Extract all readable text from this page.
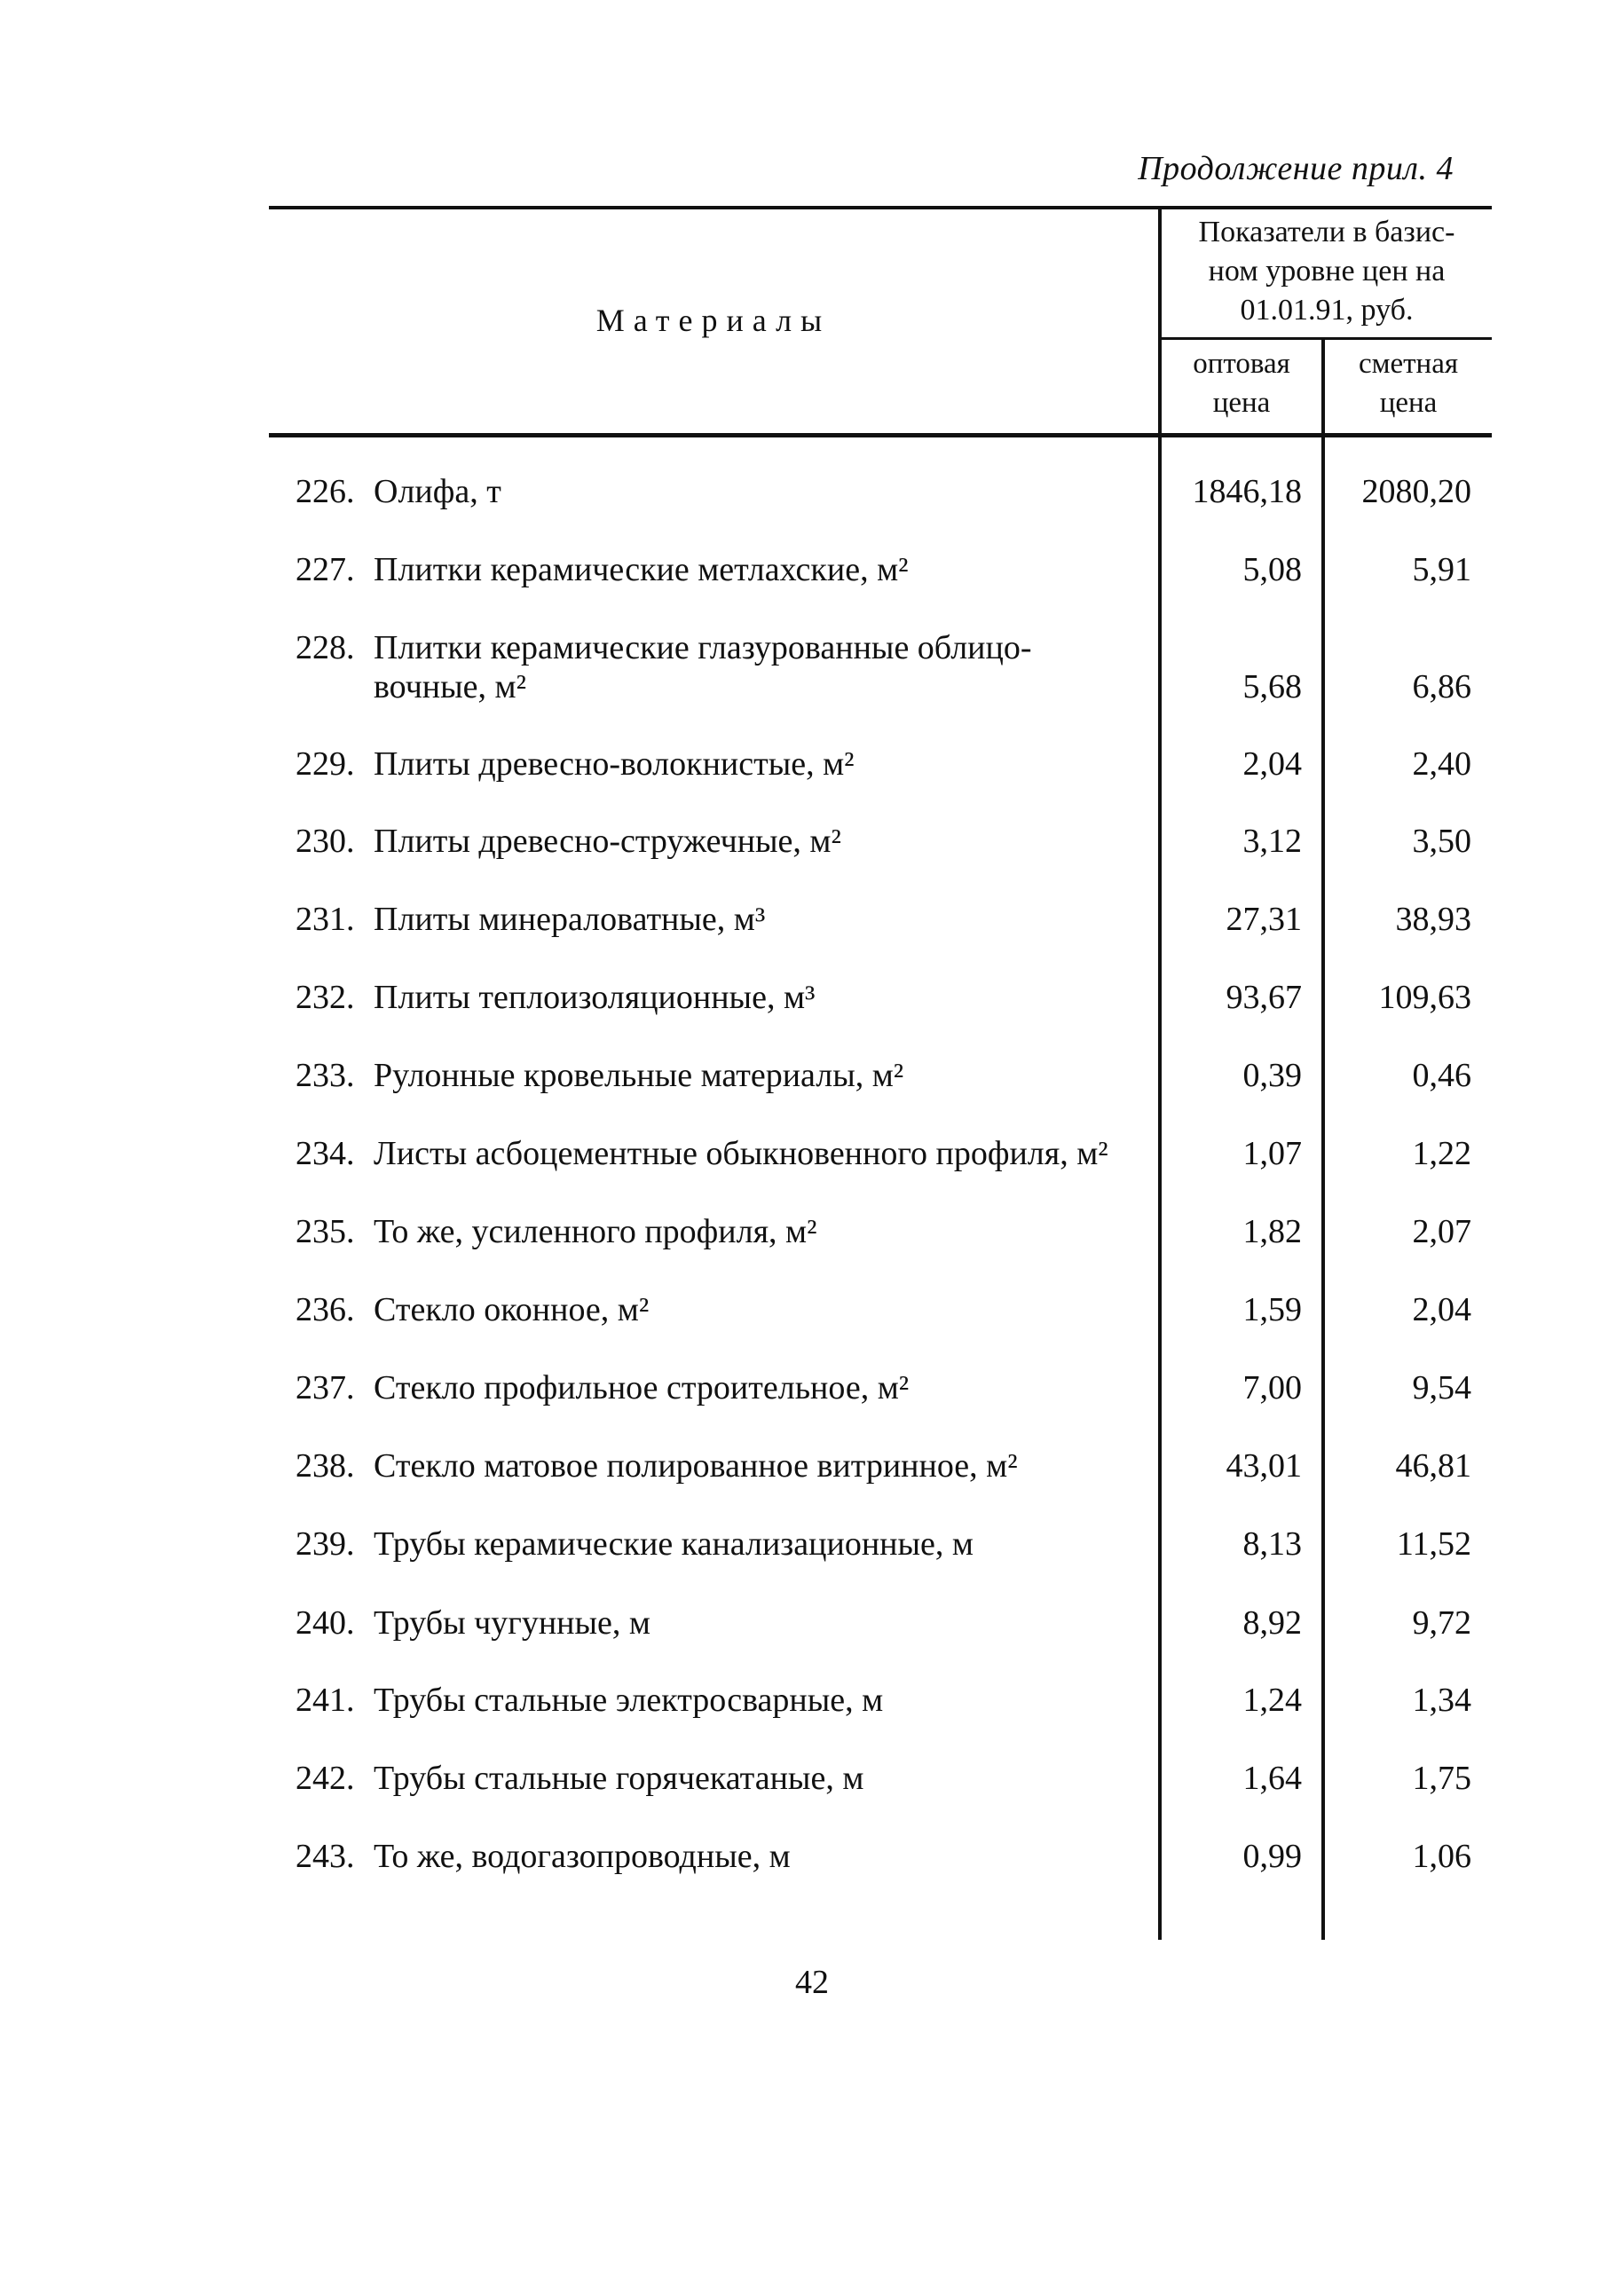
Продолжение прил. 4
Материалы
Показатели в базис-
ном уровне цен на
01.01.91, руб.
оптовая
цена
сметная
цена
226. Олифа, т	1846,18	2080,20
227. Плитки керамические метлахские, м²	5,08	5,91
228. Плитки керамические глазурованные облицо-
вочные, м²	5,68	6,86
229. Плиты древесно-волокнистые, м²	2,04	2,40
230. Плиты древесно-стружечные, м²	3,12	3,50
231. Плиты минераловатные, м³	27,31	38,93
232. Плиты теплоизоляционные, м³	93,67	109,63
233. Рулонные кровельные материалы, м²	0,39	0,46
234. Листы асбоцементные обыкновенного профиля, м²	1,07	1,22
235. То же, усиленного профиля, м²	1,82	2,07
236. Стекло оконное, м²	1,59	2,04
237. Стекло профильное строительное, м²	7,00	9,54
238. Стекло матовое полированное витринное, м²	43,01	46,81
239. Трубы керамические канализационные, м	8,13	11,52
240. Трубы чугунные, м	8,92	9,72
241. Трубы стальные электросварные, м	1,24	1,34
242. Трубы стальные горячекатаные, м	1,64	1,75
243. То же, водогазопроводные, м	0,99	1,06
42
